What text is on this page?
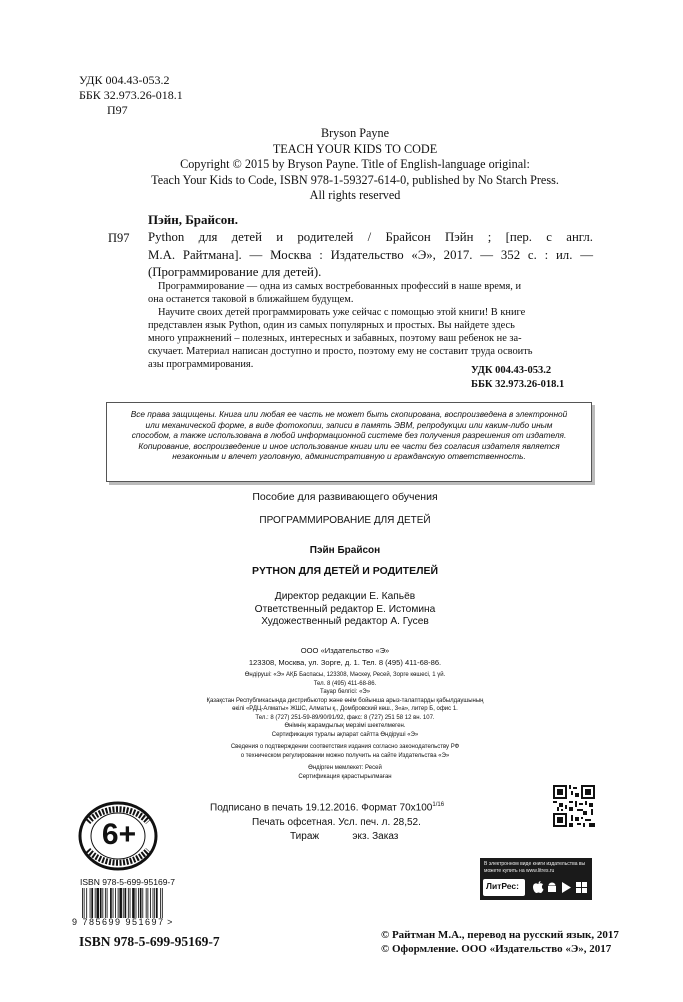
УДК 004.43-053.2
ББК 32.973.26-018.1
П97
Bryson Payne
TEACH YOUR KIDS TO CODE
Copyright © 2015 by Bryson Payne. Title of English-language original:
Teach Your Kids to Code, ISBN 978-1-59327-614-0, published by No Starch Press.
All rights reserved
Пэйн, Брайсон.
П97 Python для детей и родителей / Брайсон Пэйн ; [пер. с англ.
М.А. Райтмана]. — Москва : Издательство «Э», 2017. — 352 с. : ил. —
(Программирование для детей).
Программирование — одна из самых востребованных профессий в наше время, и
она останется таковой в ближайшем будущем.
Научите своих детей программировать уже сейчас с помощью этой книги! В книге
представлен язык Python, один из самых популярных и простых. Вы найдете здесь
много упражнений – полезных, интересных и забавных, поэтому ваш ребенок не за-
скучает. Материал написан доступно и просто, поэтому ему не составит труда освоить
азы программирования.
УДК 004.43-053.2
ББК 32.973.26-018.1

Все права защищены. Книга или любая ее часть не может быть скопирована, воспроизведена в электронной
или механической форме, в виде фотокопии, записи в память ЭВМ, репродукции или каким-либо иным
способом, а также использована в любой информационной системе без получения разрешения от издателя.
Копирование, воспроизведение и иное использование книги или ее части без согласия издателя является
незаконным и влечет уголовную, административную и гражданскую ответственность.

Пособие для развивающего обучения
ПРОГРАММИРОВАНИЕ ДЛЯ ДЕТЕЙ
Пэйн Брайсон
PYTHON ДЛЯ ДЕТЕЙ И РОДИТЕЛЕЙ
Директор редакции Е. Капьёв
Ответственный редактор Е. Истомина
Художественный редактор А. Гусев
ООО «Издательство «Э»
123308, Москва, ул. Зорге, д. 1. Тел. 8 (495) 411-68-86.
Өндіруші: «Э» АҚБ Баспасы, 123308, Мәскеу, Ресей, Зорге көшесі, 1 үй.
Тел. 8 (495) 411-68-86.
Тауар белгісі: «Э»
Қазақстан Республикасында дистрибьютор және өнім бойынша арыз-талаптарды қабылдаушының
өкілі «РДЦ-Алматы» ЖШС, Алматы қ., Домбровский көш., 3«а», литер Б, офис 1.
Тел.: 8 (727) 251-59-89/90/91/92, факс: 8 (727) 251 58 12 вн. 107.
Өнімнің жарамдылық мерзімі шектелмеген.
Сертификация туралы ақпарат сайтта Өндіруші «Э»
Сведения о подтверждении соответствия издания согласно законодательству РФ
о техническом регулировании можно получить на сайте Издательства «Э»
Өндірген мемлекет: Ресей
Сертификация қарастырылмаған
Подписано в печать 19.12.2016. Формат $70x100^{1/16}$
Печать офсетная. Усл. печ. л. 28,52.
Тираж            экз. Заказ
6+
ISBN 978-5-699-95169-7
9 785699 951697 >
ISBN 978-5-699-95169-7
В электронном виде книги издательства вы можете купить на www.litres.ru
ЛитРес:
© Райтман М.А., перевод на русский язык, 2017
© Оформление. ООО «Издательство «Э», 2017
